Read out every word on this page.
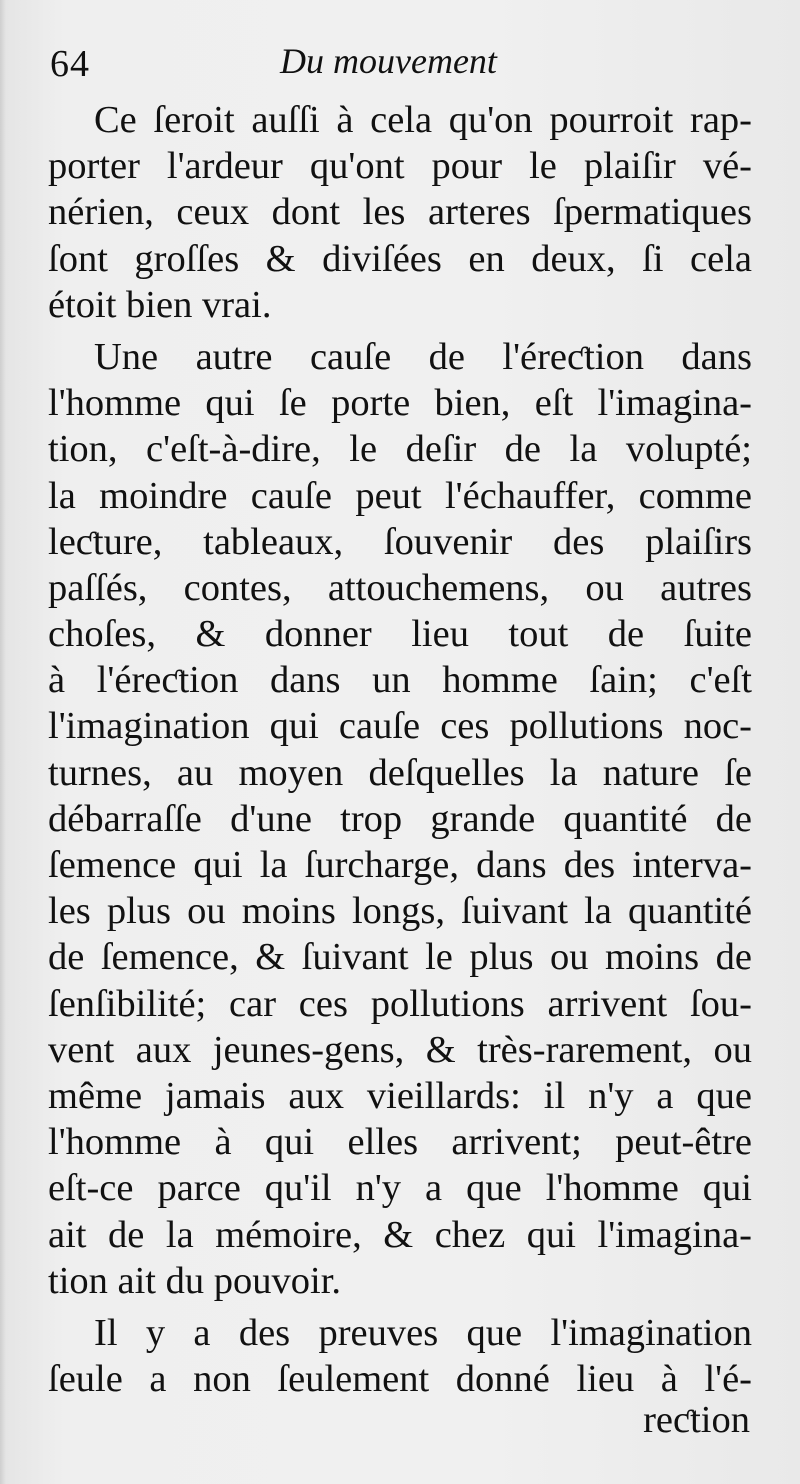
64	Du mouvement
Ce ſeroit auſſi à cela qu'on pourroit rap-
porter l'ardeur qu'ont pour le plaiſir vé-
nérien, ceux dont les arteres ſpermatiques
ſont groſſes & diviſées en deux, ſi cela
étoit bien vrai.
Une autre cauſe de l'éreƈtion dans
l'homme qui ſe porte bien, eſt l'imagina-
tion, c'eſt-à-dire, le deſir de la volupté;
la moindre cauſe peut l'échauffer, comme
leƈture, tableaux, ſouvenir des plaiſirs
paſſés, contes, attouchemens, ou autres
choſes, & donner lieu tout de ſuite
à l'éreƈtion dans un homme ſain; c'eſt
l'imagination qui cauſe ces pollutions noc-
turnes, au moyen deſquelles la nature ſe
débarraſſe d'une trop grande quantité de
ſemence qui la ſurcharge, dans des interva-
les plus ou moins longs, ſuivant la quantité
de ſemence, & ſuivant le plus ou moins de
ſenſibilité; car ces pollutions arrivent ſou-
vent aux jeunes-gens, & très-rarement, ou
même jamais aux vieillards: il n'y a que
l'homme à qui elles arrivent; peut-être
eſt-ce parce qu'il n'y a que l'homme qui
ait de la mémoire, & chez qui l'imagina-
tion ait du pouvoir.
Il y a des preuves que l'imagination
ſeule a non ſeulement donné lieu à l'é-
reƈtion
